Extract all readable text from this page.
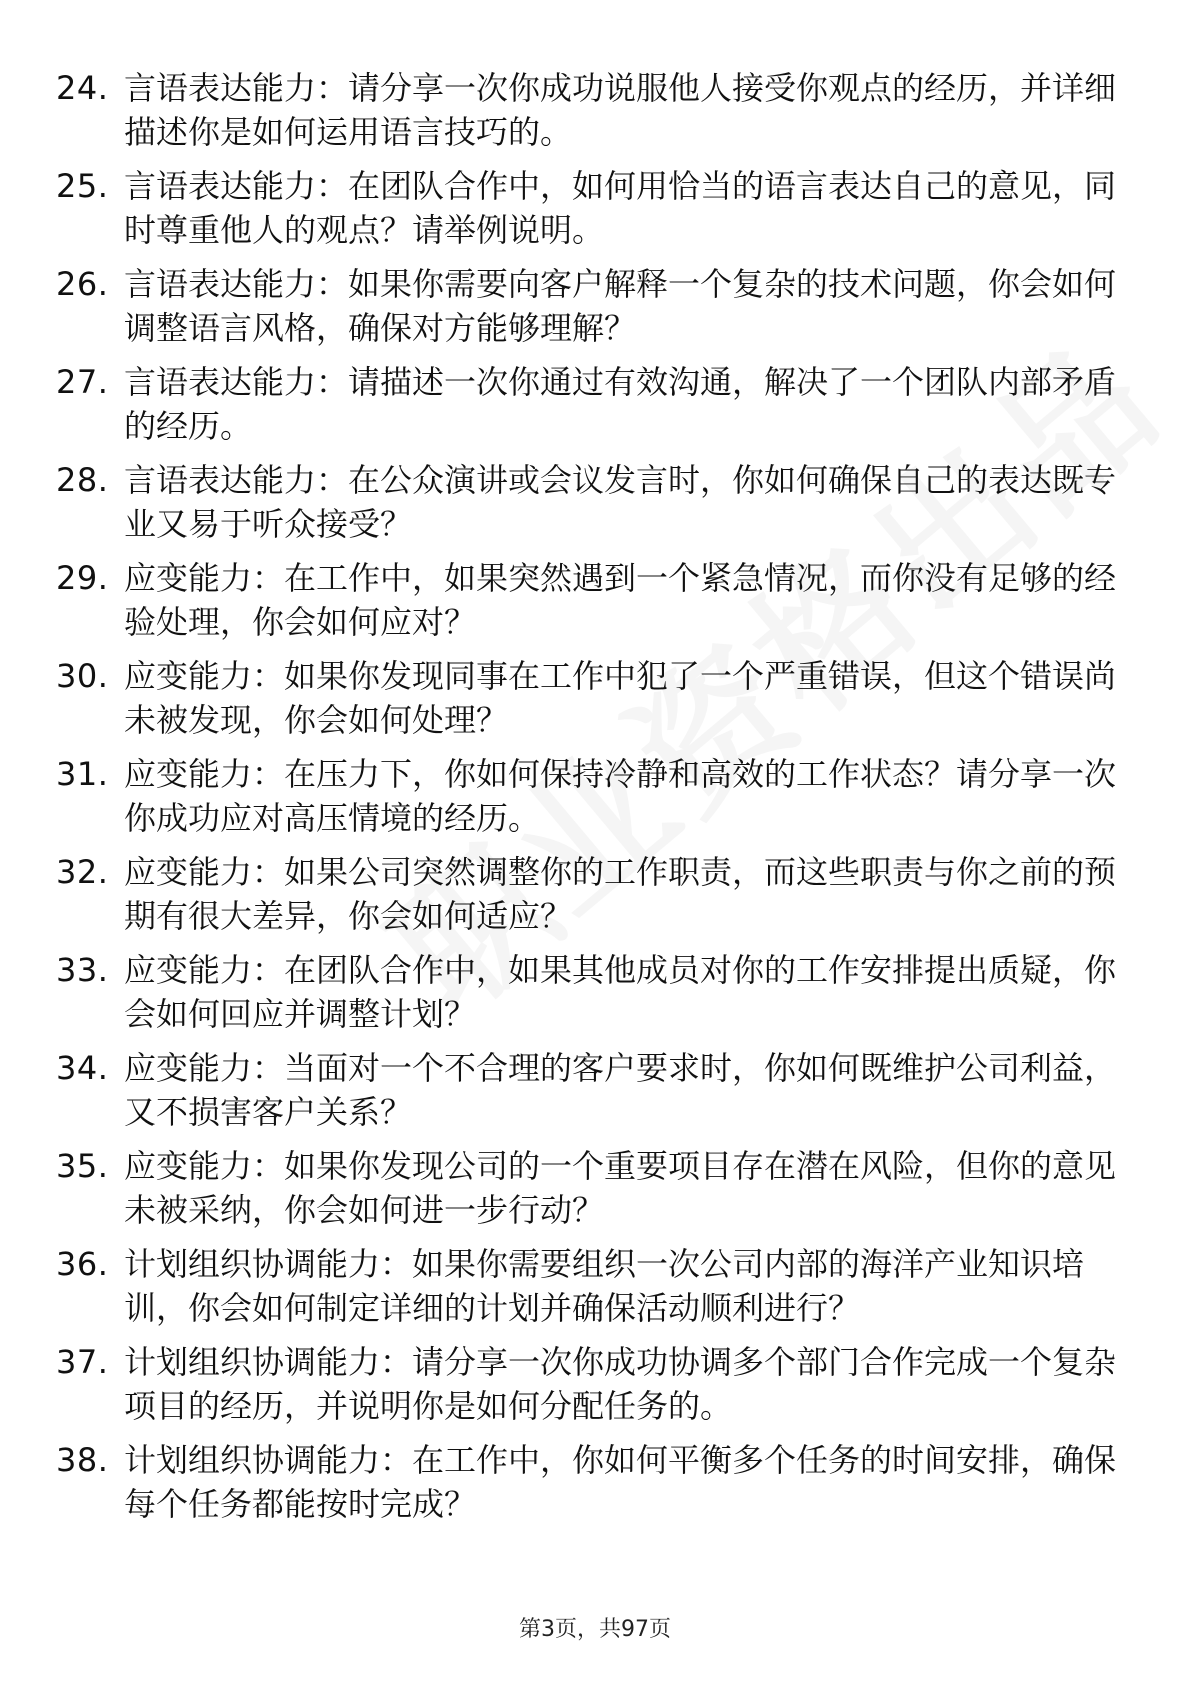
24. 言语表达能力：请分享一次你成功说服他人接受你观点的经历，并详细描述你是如何运用语言技巧的。
25. 言语表达能力：在团队合作中，如何用恰当的语言表达自己的意见，同时尊重他人的观点？请举例说明。
26. 言语表达能力：如果你需要向客户解释一个复杂的技术问题，你会如何调整语言风格，确保对方能够理解？
27. 言语表达能力：请描述一次你通过有效沟通，解决了一个团队内部矛盾的经历。
28. 言语表达能力：在公众演讲或会议发言时，你如何确保自己的表达既专业又易于听众接受？
29. 应变能力：在工作中，如果突然遇到一个紧急情况，而你没有足够的经验处理，你会如何应对？
30. 应变能力：如果你发现同事在工作中犯了一个严重错误，但这个错误尚未被发现，你会如何处理？
31. 应变能力：在压力下，你如何保持冷静和高效的工作状态？请分享一次你成功应对高压情境的经历。
32. 应变能力：如果公司突然调整你的工作职责，而这些职责与你之前的预期有很大差异，你会如何适应？
33. 应变能力：在团队合作中，如果其他成员对你的工作安排提出质疑，你会如何回应并调整计划？
34. 应变能力：当面对一个不合理的客户要求时，你如何既维护公司利益，又不损害客户关系？
35. 应变能力：如果你发现公司的一个重要项目存在潜在风险，但你的意见未被采纳，你会如何进一步行动？
36. 计划组织协调能力：如果你需要组织一次公司内部的海洋产业知识培训，你会如何制定详细的计划并确保活动顺利进行？
37. 计划组织协调能力：请分享一次你成功协调多个部门合作完成一个复杂项目的经历，并说明你是如何分配任务的。
38. 计划组织协调能力：在工作中，你如何平衡多个任务的时间安排，确保每个任务都能按时完成？
第3页，共97页
